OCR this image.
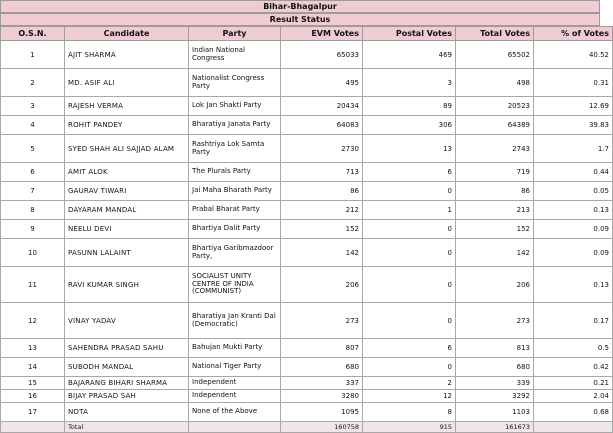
Bihar-Bhagalpur
Result Status
O.S.N.	Candidate	Party	EVM Votes	Postal Votes	Total Votes	% of Votes
1	AJIT SHARMA	Indian National Congress	65033	469	65502	40.52
2	MD. ASIF ALI	Nationalist Congress Party	495	3	498	0.31
3	RAJESH VERMA	Lok Jan Shakti Party	20434	89	20523	12.69
4	ROHIT PANDEY	Bharatiya Janata Party	64083	306	64389	39.83
5	SYED SHAH ALI SAJJAD ALAM	Rashtriya Lok Samta Party	2730	13	2743	1.7
6	AMIT ALOK	The Plurals Party	713	6	719	0.44
7	GAURAV TIWARI	Jai Maha Bharath Party	86	0	86	0.05
8	DAYARAM MANDAL	Prabal Bharat Party	212	1	213	0.13
9	NEELU DEVI	Bhartiya Dalit Party	152	0	152	0.09
10	PASUNN LALAINT	Bhartiya Garibmazdoor Party,	142	0	142	0.09
11	RAVI KUMAR SINGH	SOCIALIST UNITY CENTRE OF INDIA (COMMUNIST)	206	0	206	0.13
12	VINAY YADAV	Bharatiya Jan Kranti Dal (Democratic)	273	0	273	0.17
13	SAHENDRA PRASAD SAHU	Bahujan Mukti Party	807	6	813	0.5
14	SUBODH MANDAL	National Tiger Party	680	0	680	0.42
15	BAJARANG BIHARI SHARMA	Independent	337	2	339	0.21
16	BIJAY PRASAD SAH	Independent	3280	12	3292	2.04
17	NOTA	None of the Above	1095	8	1103	0.68
	Total		160758	915	161673	
